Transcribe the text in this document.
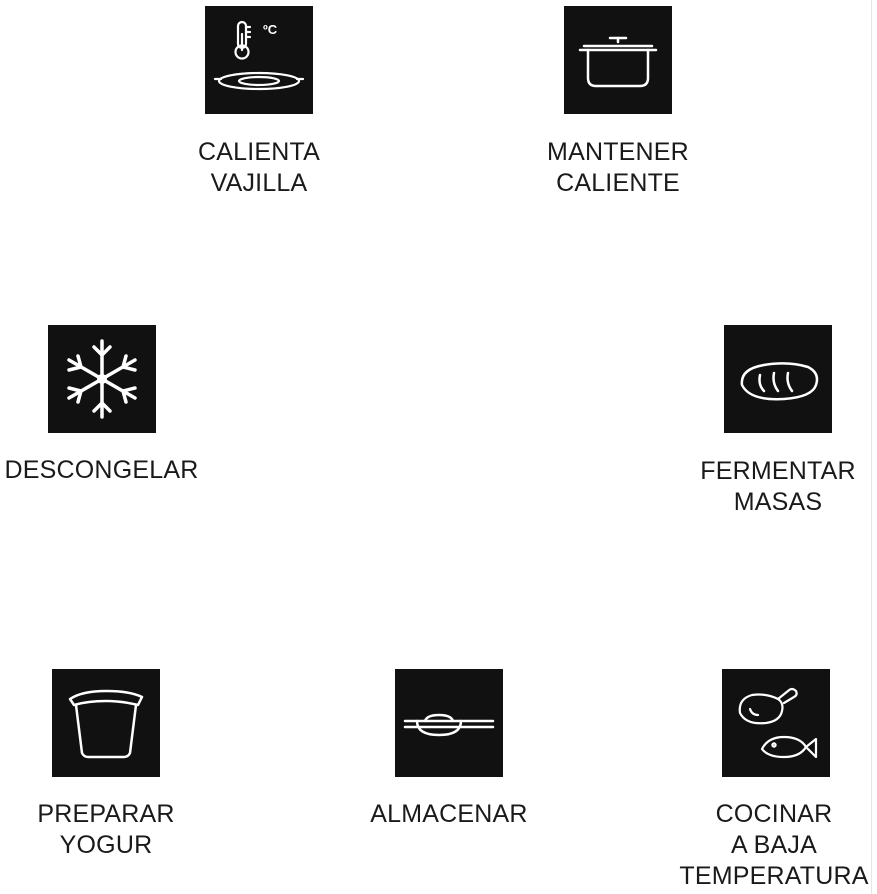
ºC
CALIENTA
VAJILLA
MANTENER
CALIENTE
DESCONGELAR	FERMENTAR
MASAS
PREPARAR
YOGUR
ALMACENAR	COCINAR
A BAJA
TEMPERATURA
